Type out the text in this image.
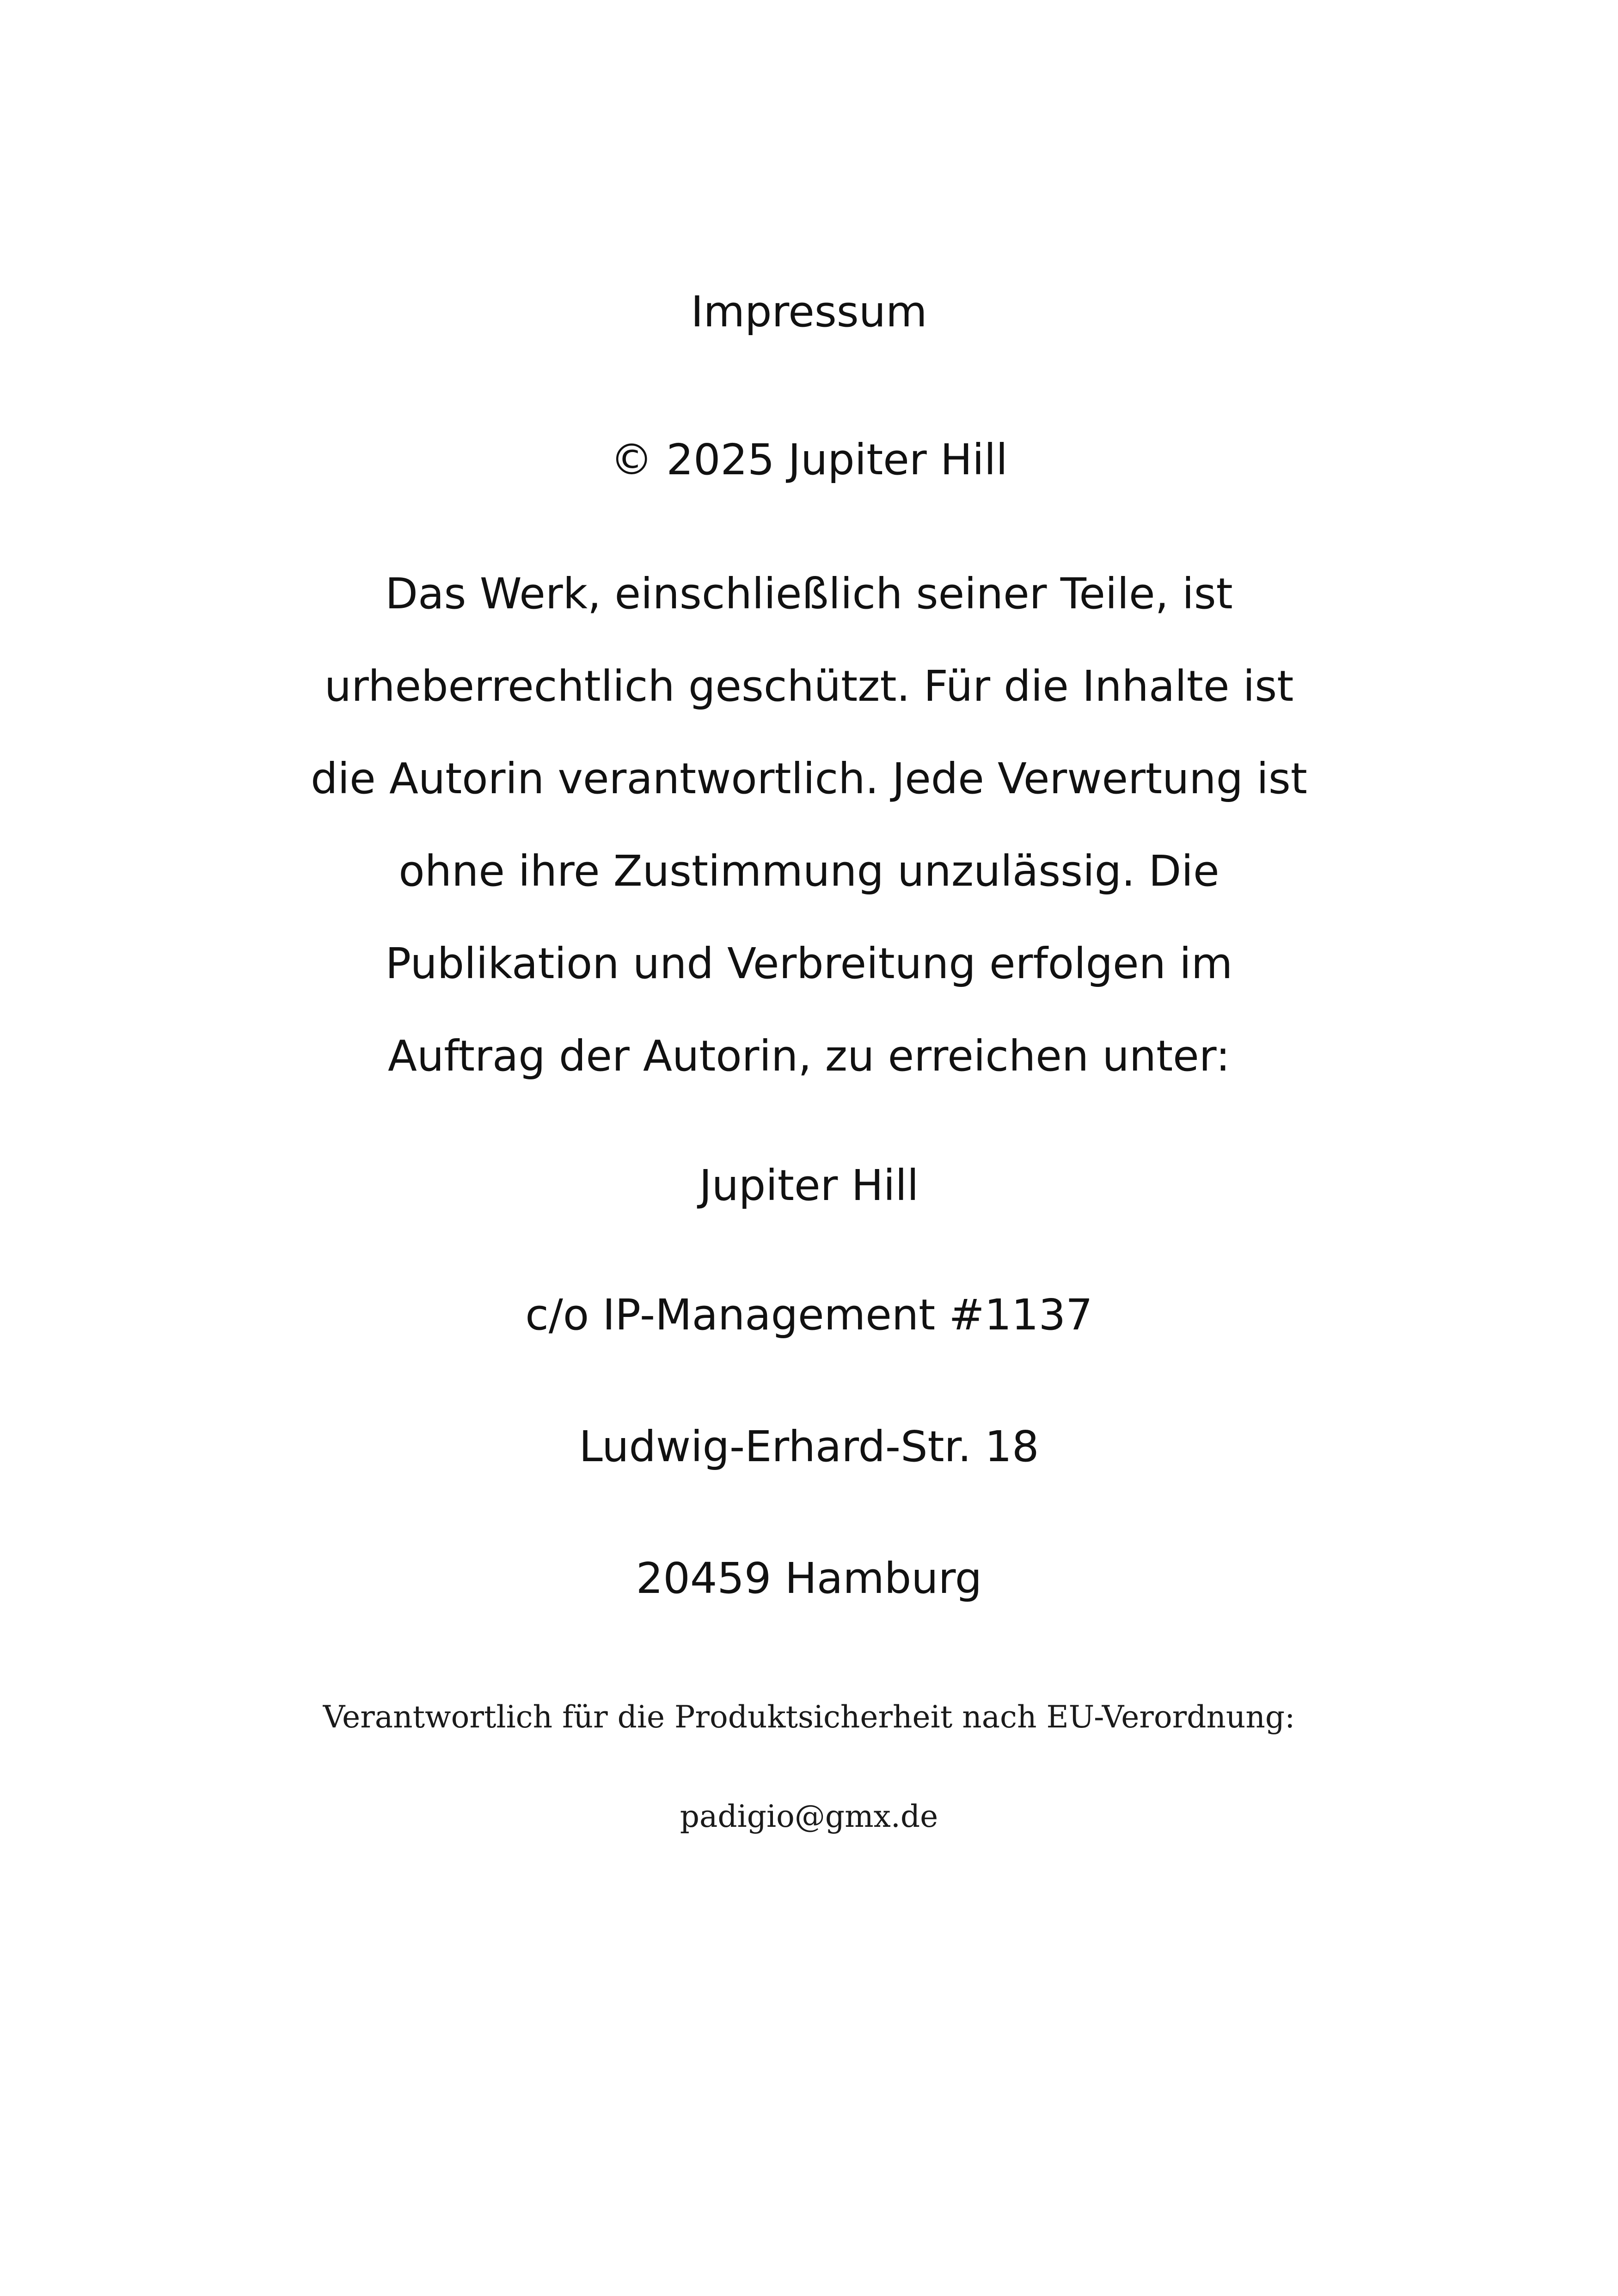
Impressum
© 2025 Jupiter Hill
Das Werk, einschließlich seiner Teile, ist
urheberrechtlich geschützt. Für die Inhalte ist
die Autorin verantwortlich. Jede Verwertung ist
ohne ihre Zustimmung unzulässig. Die
Publikation und Verbreitung erfolgen im
Auftrag der Autorin, zu erreichen unter:
Jupiter Hill
c/o IP-Management #1137
Ludwig-Erhard-Str. 18
20459 Hamburg
Verantwortlich für die Produktsicherheit nach EU-Verordnung:
padigio@gmx.de
